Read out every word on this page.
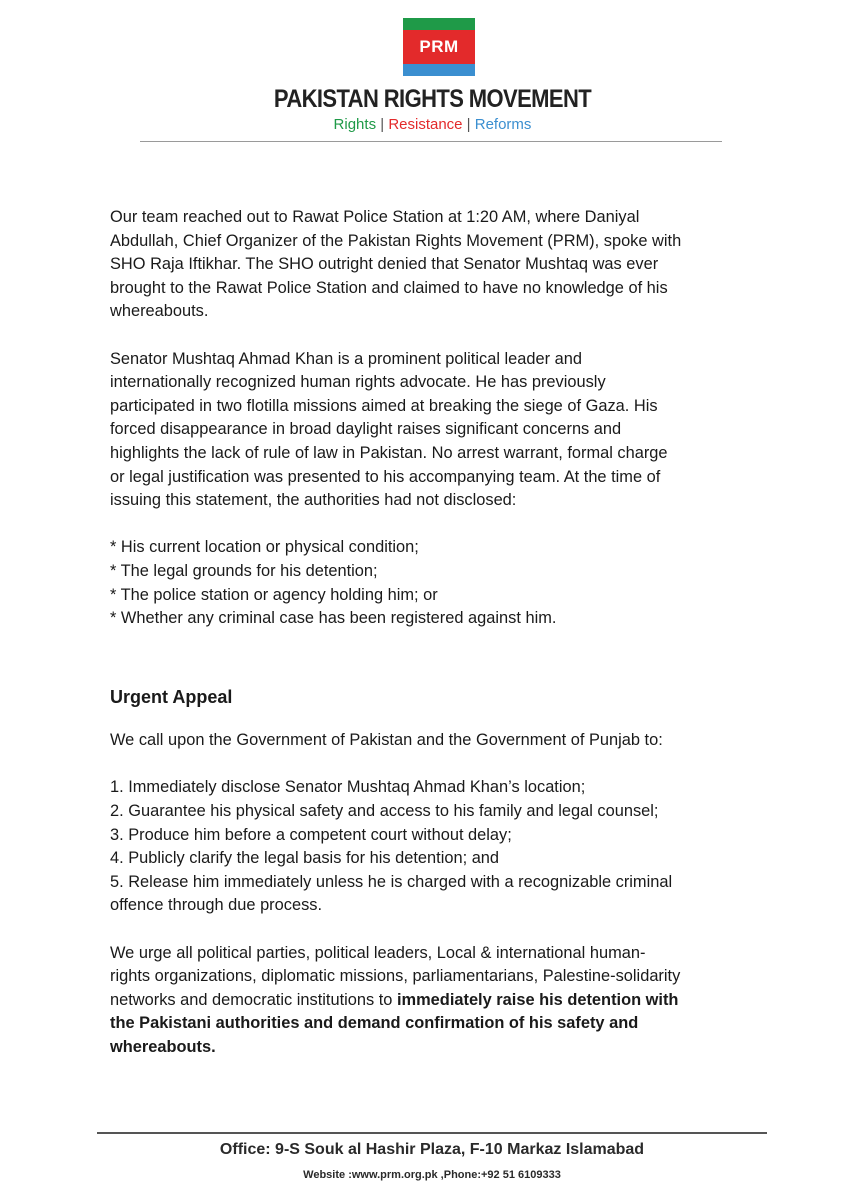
PRM
PAKISTAN RIGHTS MOVEMENT
Rights | Resistance | Reforms

Our team reached out to Rawat Police Station at 1:20 AM, where Daniyal
Abdullah, Chief Organizer of the Pakistan Rights Movement (PRM), spoke with
SHO Raja Iftikhar. The SHO outright denied that Senator Mushtaq was ever
brought to the Rawat Police Station and claimed to have no knowledge of his
whereabouts.

Senator Mushtaq Ahmad Khan is a prominent political leader and
internationally recognized human rights advocate. He has previously
participated in two flotilla missions aimed at breaking the siege of Gaza. His
forced disappearance in broad daylight raises significant concerns and
highlights the lack of rule of law in Pakistan. No arrest warrant, formal charge
or legal justification was presented to his accompanying team. At the time of
issuing this statement, the authorities had not disclosed:

* His current location or physical condition;
* The legal grounds for his detention;
* The police station or agency holding him; or
* Whether any criminal case has been registered against him.

Urgent Appeal

We call upon the Government of Pakistan and the Government of Punjab to:

1. Immediately disclose Senator Mushtaq Ahmad Khan’s location;
2. Guarantee his physical safety and access to his family and legal counsel;
3. Produce him before a competent court without delay;
4. Publicly clarify the legal basis for his detention; and
5. Release him immediately unless he is charged with a recognizable criminal
offence through due process.

We urge all political parties, political leaders, Local & international human-
rights organizations, diplomatic missions, parliamentarians, Palestine-solidarity
networks and democratic institutions to immediately raise his detention with
the Pakistani authorities and demand confirmation of his safety and
whereabouts.

Office: 9-S Souk al Hashir Plaza, F-10 Markaz Islamabad
Website :www.prm.org.pk ,Phone:+92 51 6109333
